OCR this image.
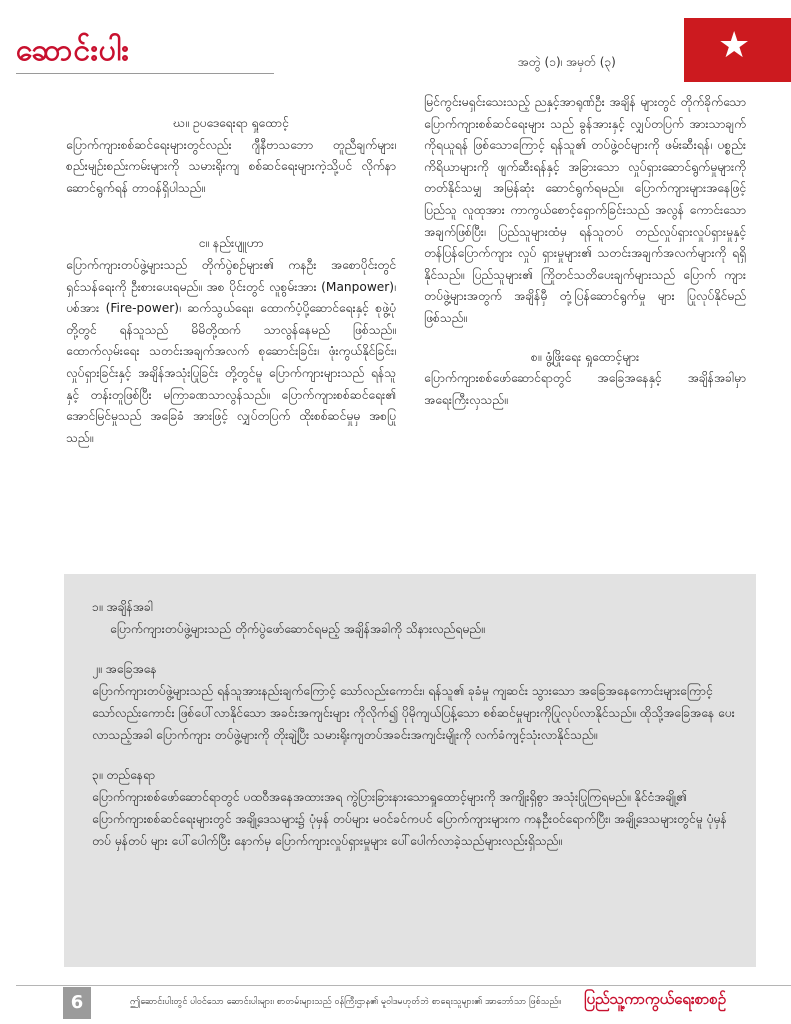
ဆောင်းပါး	★
အတွဲ (၁)၊ အမှတ် (၃)

ဃ။ ဥပဒေရေးရာ ရှုထောင့်

ပြောက်ကျားစစ်ဆင်ရေးများတွင်လည်း ဂျီနီဗာသဘော တူညီချက်များ၊ စည်းမျဉ်းစည်းကမ်းများကို သမားရိုးကျ စစ်ဆင်ရေးများကဲ့သို့ပင် လိုက်နာဆောင်ရွက်ရန် တာဝန်ရှိပါသည်။

င။ နည်းပျူဟာ

ပြောက်ကျားတပ်ဖွဲ့များသည် တိုက်ပွဲစဉ်များ၏ ကနဦး အစောပိုင်းတွင် ရှင်သန်ရေးကို ဦးစားပေးရမည်။ အစ ပိုင်းတွင် လူစွမ်းအား (Manpower)၊ ပစ်အား (Fire-power)၊ ဆက်သွယ်ရေး၊ ထောက်ပံ့ပို့ဆောင်ရေးနှင့် စုဖွဲ့ပုံတို့တွင် ရန်သူသည် မိမိတို့ထက် သာလွန်နေမည် ဖြစ်သည်။ ထောက်လှမ်းရေး သတင်းအချက်အလက် စုဆောင်းခြင်း၊ ဖုံးကွယ်နိုင်ခြင်း၊ လှုပ်ရှားခြင်းနှင့် အချိန်အသုံးပြုခြင်း တို့တွင်မူ ပြောက်ကျားများသည် ရန်သူနှင့် တန်းတူဖြစ်ပြီး မကြာခဏသာလွန်သည်။ ပြောက်ကျားစစ်ဆင်ရေး၏ အောင်မြင်မှုသည် အခြေခံ အားဖြင့် လျှပ်တပြက် ထိုးစစ်ဆင်မှုမှ အစပြုသည်။

မြင်ကွင်းမရှင်းသေးသည့် ညနှင့်အာရုဏ်ဦး အချိန် များတွင် တိုက်ခိုက်သော ပြောက်ကျားစစ်ဆင်ရေးများ သည် ခွန်အားနှင့် လျှပ်တပြက် အားသာချက်ကိုရယူရန် ဖြစ်သောကြောင့် ရန်သူ၏ တပ်ဖွဲ့ဝင်များကို ဖမ်းဆီးရန်၊ ပစ္စည်း ကိရိယာများကို ဖျက်ဆီးရန်နှင့် အခြားသော လှုပ်ရှားဆောင်ရွက်မှုများကို တတ်နိုင်သမျှ အမြန်ဆုံး ဆောင်ရွက်ရမည်။ ပြောက်ကျားများအနေဖြင့် ပြည်သူ လူထုအား ကာကွယ်စောင့်ရှောက်ခြင်းသည် အလွန် ကောင်းသော အချက်ဖြစ်ပြီး၊ ပြည်သူများထံမှ ရန်သူတပ် တည်လှုပ်ရှားလှုပ်ရှားမှုနှင့် တန်ပြန်ပြောက်ကျား လှုပ် ရှားမှုများ၏ သတင်းအချက်အလက်များကို ရရှိနိုင်သည်။ ပြည်သူများ၏ ကြိုတင်သတိပေးချက်များသည် ပြောက် ကျားတပ်ဖွဲ့များအတွက် အချိန်မှီ တုံ့ပြန်ဆောင်ရွက်မှု များ ပြုလုပ်နိုင်မည်ဖြစ်သည်။

စ။ ဖွံ့ဖြိုးရေး ရှုထောင့်များ

ပြောက်ကျားစစ်ဖော်ဆောင်ရာတွင် အခြေအနေနှင့် အချိန်အခါမှာ အရေးကြီးလှသည်။

၁။ အချိန်အခါ

ပြောက်ကျားတပ်ဖွဲ့များသည် တိုက်ပွဲဖော်ဆောင်ရမည့် အချိန်အခါကို သိနားလည်ရမည်။

၂။ အခြေအနေ

ပြောက်ကျားတပ်ဖွဲ့များသည် ရန်သူအားနည်းချက်ကြောင့် သော်လည်းကောင်း၊ ရန်သူ၏ ခုခံမှု ကျဆင်း သွားသော အခြေအနေကောင်းများကြောင့်သော်လည်းကောင်း ဖြစ်ပေါ်လာနိုင်သော အခင်းအကျင်းများ ကိုလိုက်၍ ပိုမိုကျယ်ပြန့်သော စစ်ဆင်မှုများကိုပြုလုပ်လာနိုင်သည်။ ထိုသို့အခြေအနေ ပေးလာသည့်အခါ ပြောက်ကျား တပ်ဖွဲ့များကို တိုးချဲ့ပြီး သမားရိုးကျတပ်အခင်းအကျင်းမျိုးကို လက်ခံကျင့်သုံးလာနိုင်သည်။

၃။ တည်နေရာ

ပြောက်ကျားစစ်ဖော်ဆောင်ရာတွင် ပထဝီအနေအထားအရ ကွဲပြားခြားနားသောရှုထောင့်များကို အကျိုးရှိစွာ အသုံးပြုကြရမည်။ နိုင်ငံအချို့၏ ပြောက်ကျားစစ်ဆင်ရေးများတွင် အချို့ဒေသများ၌ ပုံမှန် တပ်များ မဝင်ခင်ကပင် ပြောက်ကျားများက ကနဦးဝင်ရောက်ပြီး၊ အချို့ဒေသများတွင်မူ ပုံမှန်တပ် မှန်တပ် များ ပေါ်ပေါက်ပြီး နောက်မှ ပြောက်ကျားလှုပ်ရှားမှုများ ပေါ်ပေါက်လာခဲ့သည်များလည်းရှိသည်။

6	ဤဆောင်းပါးတွင် ပါဝင်သော ဆောင်းပါးများ၊ စာတမ်းများသည် ဝန်ကြီးဌာန၏ မူဝါဒမဟုတ်ဘဲ စာရေးသူများ၏ အာဘော်သာ ဖြစ်သည်။ ပြည်သူ့ကာကွယ်ရေးစာစဉ်
